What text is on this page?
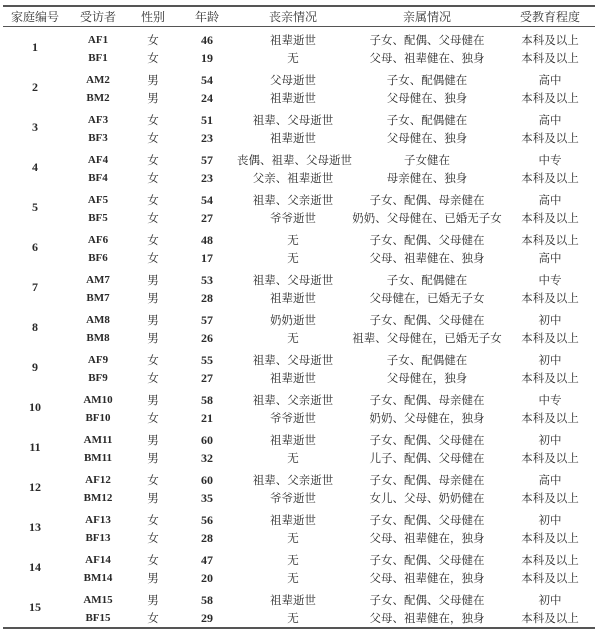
家庭编号	受访者	性别	年龄	丧亲情况	亲属情况	受教育程度
1	AF1	女	46	祖辈逝世	子女、配偶、父母健在	本科及以上
	BF1	女	19	无	父母、祖辈健在、独身	本科及以上
2	AM2	男	54	父母逝世	子女、配偶健在	高中
	BM2	男	24	祖辈逝世	父母健在、独身	本科及以上
3	AF3	女	51	祖辈、父母逝世	子女、配偶健在	高中
	BF3	女	23	祖辈逝世	父母健在、独身	本科及以上
4	AF4	女	57	丧偶、祖辈、父母逝世	子女健在	中专
	BF4	女	23	父亲、祖辈逝世	母亲健在、独身	本科及以上
5	AF5	女	54	祖辈、父亲逝世	子女、配偶、母亲健在	高中
	BF5	女	27	爷爷逝世	奶奶、父母健在、已婚无子女	本科及以上
6	AF6	女	48	无	子女、配偶、父母健在	本科及以上
	BF6	女	17	无	父母、祖辈健在、独身	高中
7	AM7	男	53	祖辈、父母逝世	子女、配偶健在	中专
	BM7	男	28	祖辈逝世	父母健在，已婚无子女	本科及以上
8	AM8	男	57	奶奶逝世	子女、配偶、父母健在	初中
	BM8	男	26	无	祖辈、父母健在，已婚无子女	本科及以上
9	AF9	女	55	祖辈、父母逝世	子女、配偶健在	初中
	BF9	女	27	祖辈逝世	父母健在，独身	本科及以上
10	AM10	男	58	祖辈、父亲逝世	子女、配偶、母亲健在	中专
	BF10	女	21	爷爷逝世	奶奶、父母健在，独身	本科及以上
11	AM11	男	60	祖辈逝世	子女、配偶、父母健在	初中
	BM11	男	32	无	儿子、配偶、父母健在	本科及以上
12	AF12	女	60	祖辈、父亲逝世	子女、配偶、母亲健在	高中
	BM12	男	35	爷爷逝世	女儿、父母、奶奶健在	本科及以上
13	AF13	女	56	祖辈逝世	子女、配偶、父母健在	初中
	BF13	女	28	无	父母、祖辈健在，独身	本科及以上
14	AF14	女	47	无	子女、配偶、父母健在	本科及以上
	BM14	男	20	无	父母、祖辈健在，独身	本科及以上
15	AM15	男	58	祖辈逝世	子女、配偶、父母健在	初中
	BF15	女	29	无	父母、祖辈健在，独身	本科及以上
